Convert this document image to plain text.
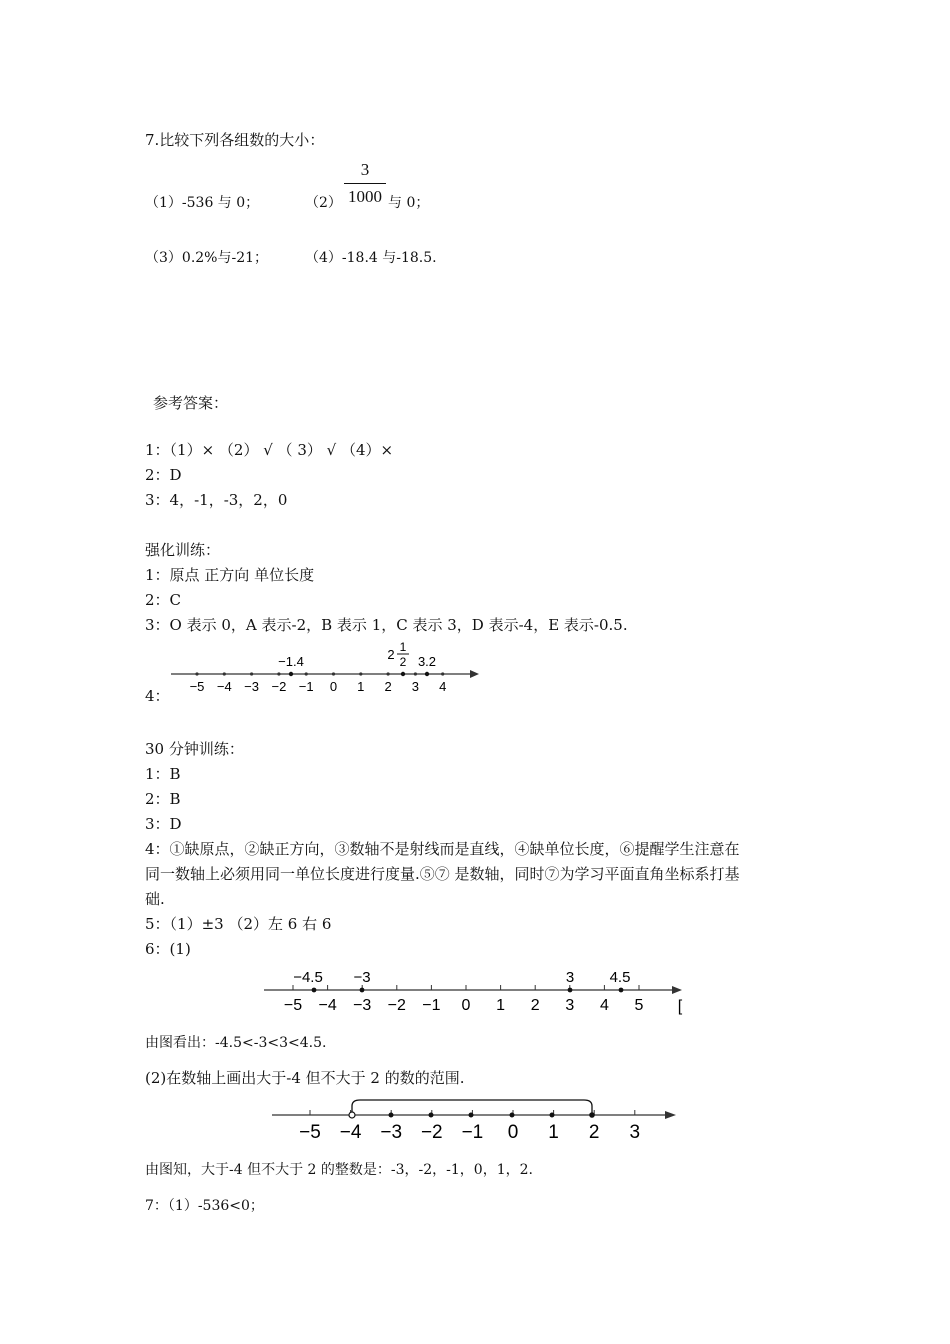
7.比较下列各组数的大小：
（1）-536 与 0；	（2）
3
1000 与 0；
（3）0.2%与-21；	（4）-18.4 与-18.5.
参考答案：
1：（1）× （2） √ （ 3） √ （4）×
2：D
3：4，-1，-3，2，0
强化训练：
1：原点 正方向 单位长度
2：C
3：O 表示 0，A 表示-2，B 表示 1，C 表示 3，D 表示-4，E 表示-0.5.
4：
−5 −4 −3 −2 −1 0 1 2 3 4
−1.4	2 1
2 3.2
30 分钟训练：
1：B
2：B
3：D
4：①缺原点，②缺正方向，③数轴不是射线而是直线，④缺单位长度，⑥提醒学生注意在
同一数轴上必须用同一单位长度进行度量.⑤⑦ 是数轴，同时⑦为学习平面直角坐标系打基
础.
5：（1）±3 （2）左 6 右 6
6：(1)
−5 −4 −3 −2 −1 0 1 2 3 4 5
−4.5 −3	3 4.5
[
由图看出：-4.5<-3<3<4.5.
(2)在数轴上画出大于-4 但不大于 2 的数的范围.
−5 −4 −3 −2 −1 0 1 2 3
由图知，大于-4 但不大于 2 的整数是：-3，-2，-1，0，1，2.
7：（1）-536<0；
